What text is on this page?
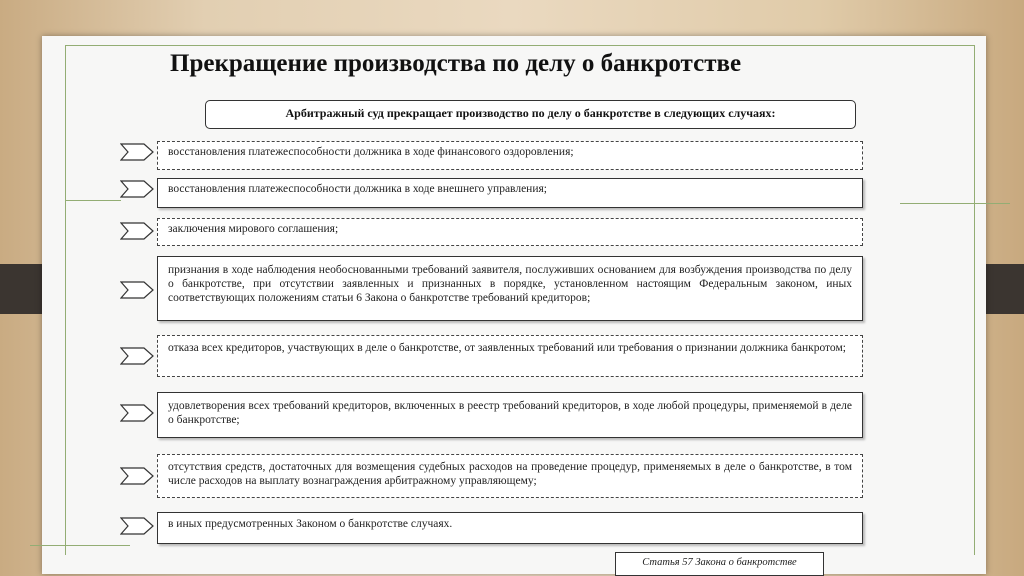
Прекращение производства по делу о банкротстве
Арбитражный суд прекращает производство по делу о банкротстве в следующих случаях:
восстановления платежеспособности должника в ходе финансового оздоровления;
восстановления платежеспособности должника в ходе внешнего управления;
заключения мирового соглашения;
признания в ходе наблюдения необоснованными требований заявителя, послуживших основанием для возбуждения производства по делу о банкротстве, при отсутствии заявленных и признанных в порядке, установленном настоящим Федеральным законом, иных соответствующих положениям статьи 6 Закона о банкротстве требований кредиторов;
отказа всех кредиторов, участвующих в деле о банкротстве, от заявленных требований или требования о признании должника банкротом;
удовлетворения всех требований кредиторов, включенных в реестр требований кредиторов, в ходе любой процедуры, применяемой в деле о банкротстве;
отсутствия средств, достаточных для возмещения судебных расходов на проведение процедур, применяемых в деле о банкротстве, в том числе расходов на выплату вознаграждения арбитражному управляющему;
в иных предусмотренных Законом о банкротстве случаях.
Статья 57 Закона о банкротстве
